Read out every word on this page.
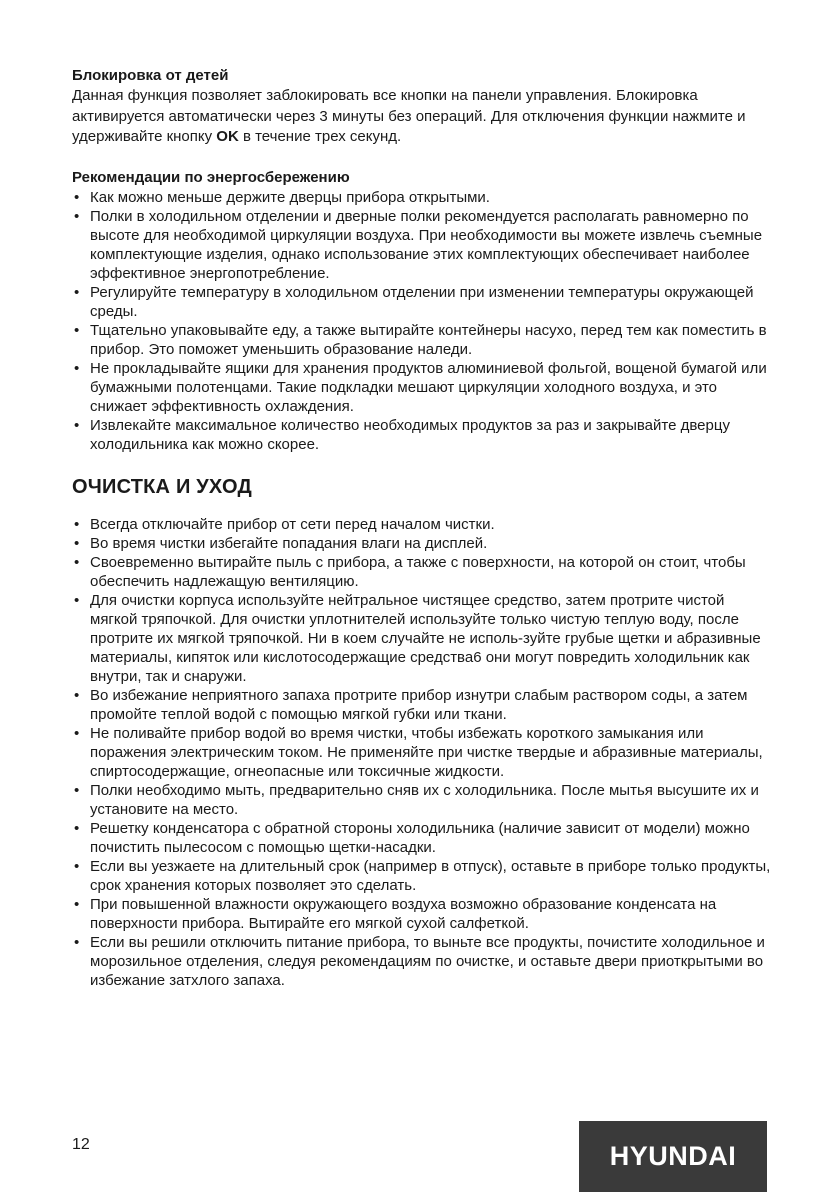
Блокировка от детей

Данная функция позволяет заблокировать все кнопки на панели управления. Блокировка активируется автоматически через 3 минуты без операций. Для отключения функции нажмите и удерживайте кнопку OK в течение трех секунд.

Рекомендации по энергосбережению
• Как можно меньше держите дверцы прибора открытыми.
• Полки в холодильном отделении и дверные полки рекомендуется располагать равномерно по высоте для необходимой циркуляции воздуха. При необходимости вы можете извлечь съемные комплектующие изделия, однако использование этих комплектующих обеспечивает наиболее эффективное энергопотребление.
• Регулируйте температуру в холодильном отделении при изменении температуры окружающей среды.
• Тщательно упаковывайте еду, а также вытирайте контейнеры насухо, перед тем как поместить в прибор. Это поможет уменьшить образование наледи.
• Не прокладывайте ящики для хранения продуктов алюминиевой фольгой, вощеной бумагой или бумажными полотенцами. Такие подкладки мешают циркуляции холодного воздуха, и это снижает эффективность охлаждения.
• Извлекайте максимальное количество необходимых продуктов за раз и закрывайте дверцу холодильника как можно скорее.
ОЧИСТКА И УХОД
• Всегда отключайте прибор от сети перед началом чистки.
• Во время чистки избегайте попадания влаги на дисплей.
• Своевременно вытирайте пыль с прибора, а также с поверхности, на которой он стоит, чтобы обеспечить надлежащую вентиляцию.
• Для очистки корпуса используйте нейтральное чистящее средство, затем протрите чистой мягкой тряпочкой. Для очистки уплотнителей используйте только чистую теплую воду, после протрите их мягкой тряпочкой. Ни в коем случайте не исполь-зуйте грубые щетки и абразивные материалы, кипяток или кислотосодержащие средства6 они могут повредить холодильник как внутри, так и снаружи.
• Во избежание неприятного запаха протрите прибор изнутри слабым раствором соды, а затем промойте теплой водой с помощью мягкой губки или ткани.
• Не поливайте прибор водой во время чистки, чтобы избежать короткого замыкания или поражения электрическим током. Не применяйте при чистке твердые и абразивные материалы, спиртосодержащие, огнеопасные или токсичные жидкости.
• Полки необходимо мыть, предварительно сняв их с холодильника. После мытья высушите их и установите на место.
• Решетку конденсатора с обратной стороны холодильника (наличие зависит от модели) можно почистить пылесосом с помощью щетки-насадки.
• Если вы уезжаете на длительный срок (например в отпуск), оставьте в приборе только продукты, срок хранения которых позволяет это сделать.
• При повышенной влажности окружающего воздуха возможно образование конденсата на поверхности прибора. Вытирайте его мягкой сухой салфеткой.
• Если вы решили отключить питание прибора, то выньте все продукты, почистите холодильное и морозильное отделения, следуя рекомендациям по очистке, и оставьте двери приоткрытыми во избежание затхлого запаха.
12	HYUNDAI
